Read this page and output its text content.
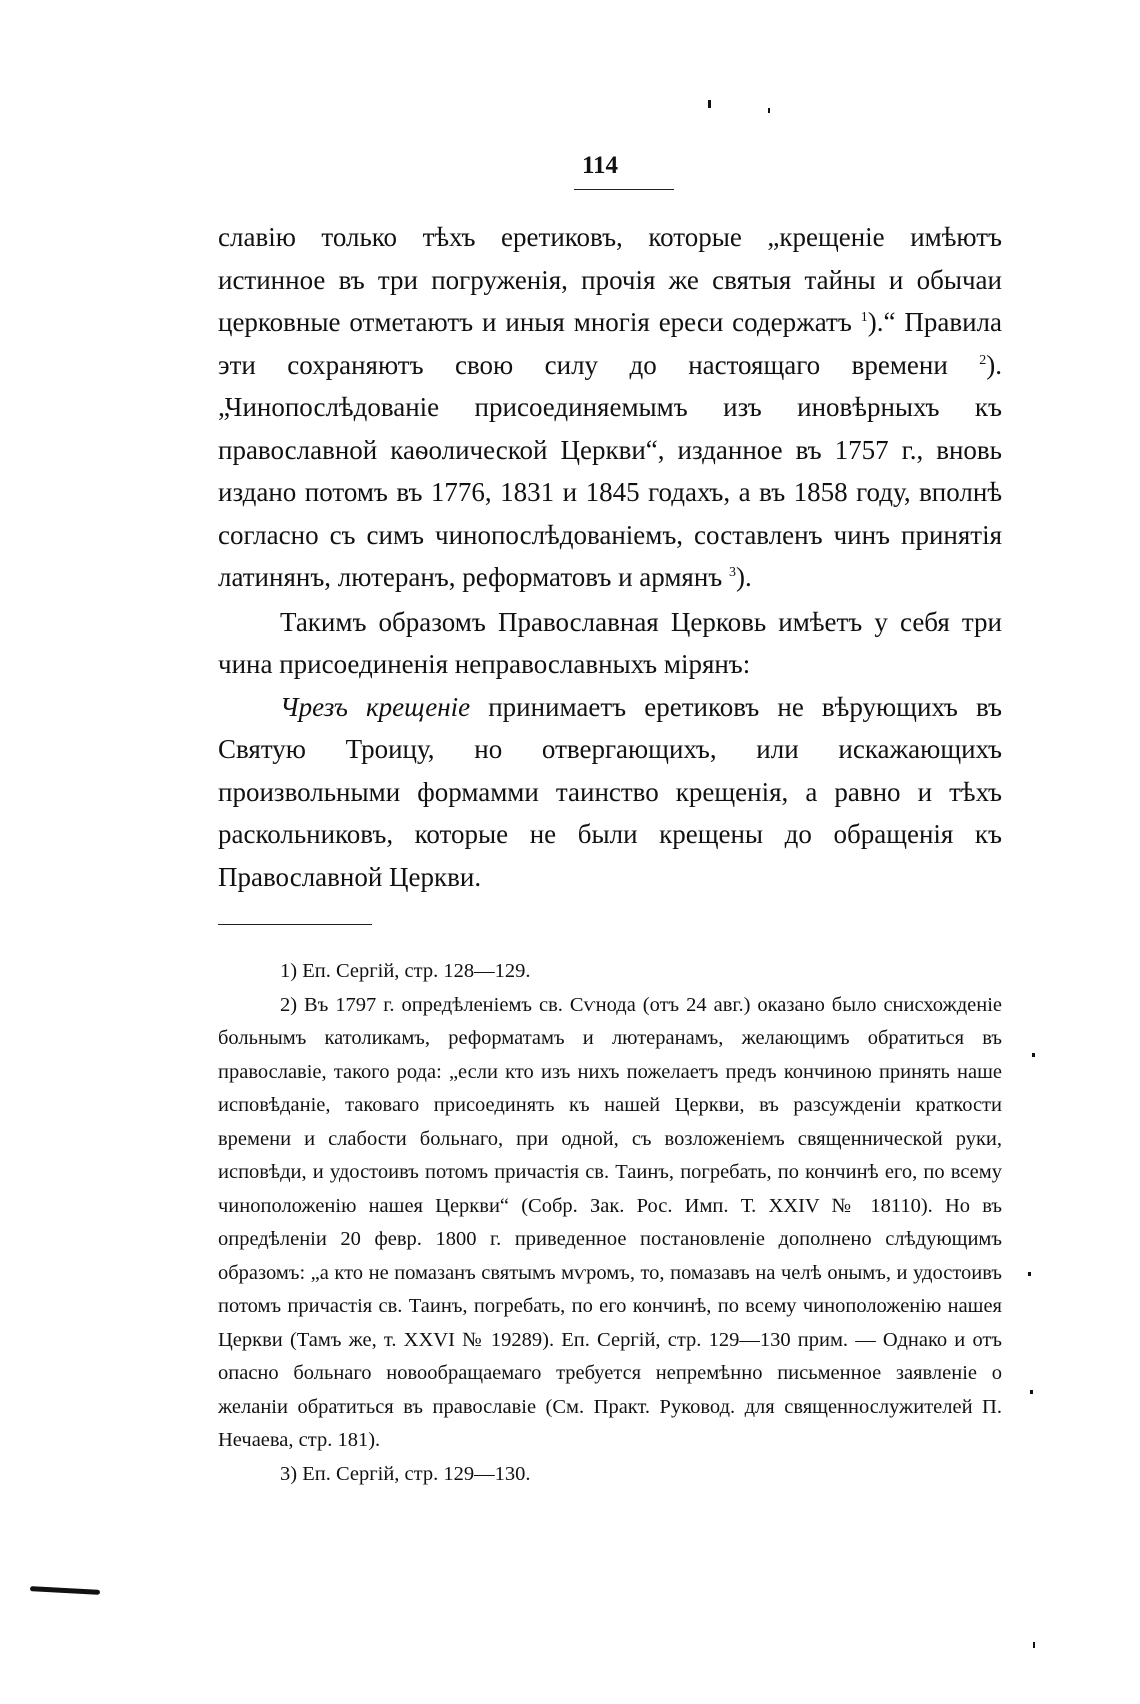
114

славію только тѣхъ еретиковъ, которые „крещеніе имѣютъ истинное въ три погруженія, прочія же святыя тайны и обычаи церковные отметаютъ и иныя многія ереси содержатъ $^1$).“ Правила эти сохраняютъ свою силу до настоящаго времени $^2$). „Чинопослѣдованіе присоединяемымъ изъ иновѣрныхъ къ православной каѳолической Церкви“, изданное въ 1757 г., вновь издано потомъ въ 1776, 1831 и 1845 годахъ, а въ 1858 году, вполнѣ согласно съ симъ чинопослѣдованіемъ, составленъ чинъ принятія латинянъ, лютеранъ, реформатовъ и армянъ $^3$).

Такимъ образомъ Православная Церковь имѣетъ у себя три чина присоединенія неправославныхъ мірянъ:

Чрезъ крещеніе принимаетъ еретиковъ не вѣрующихъ въ Святую Троицу, но отвергающихъ, или искажающихъ произвольными формамми таинство крещенія, а равно и тѣхъ раскольниковъ, которые не были крещены до обращенія къ Православной Церкви.

1) Еп. Сергій, стр. 128—129.

2) Въ 1797 г. опредѣленіемъ св. Сѵнода (отъ 24 авг.) оказано было снисхожденіе больнымъ католикамъ, реформатамъ и лютеранамъ, желающимъ обратиться въ православіе, такого рода: „если кто изъ нихъ пожелаетъ предъ кончиною принять наше исповѣданіе, таковаго присоединять къ нашей Церкви, въ разсужденіи краткости времени и слабости больнаго, при одной, съ возложеніемъ священнической руки, исповѣди, и удостоивъ потомъ причастія св. Таинъ, погребать, по кончинѣ его, по всему чиноположенію нашея Церкви“ (Собр. Зак. Рос. Имп. Т. XXIV № 18110). Но въ опредѣленіи 20 февр. 1800 г. приведенное постановленіе дополнено слѣдующимъ образомъ: „а кто не помазанъ святымъ мѵромъ, то, помазавъ на челѣ онымъ, и удостоивъ потомъ причастія св. Таинъ, погребать, по его кончинѣ, по всему чиноположенію нашея Церкви (Тамъ же, т. XXVI № 19289). Еп. Сергій, стр. 129—130 прим. — Однако и отъ опасно больнаго новообращаемаго требуется непремѣнно письменное заявленіе о желаніи обратиться въ православіе (См. Практ. Руковод. для священнослужителей П. Нечаева, стр. 181).

3) Еп. Сергій, стр. 129—130.
